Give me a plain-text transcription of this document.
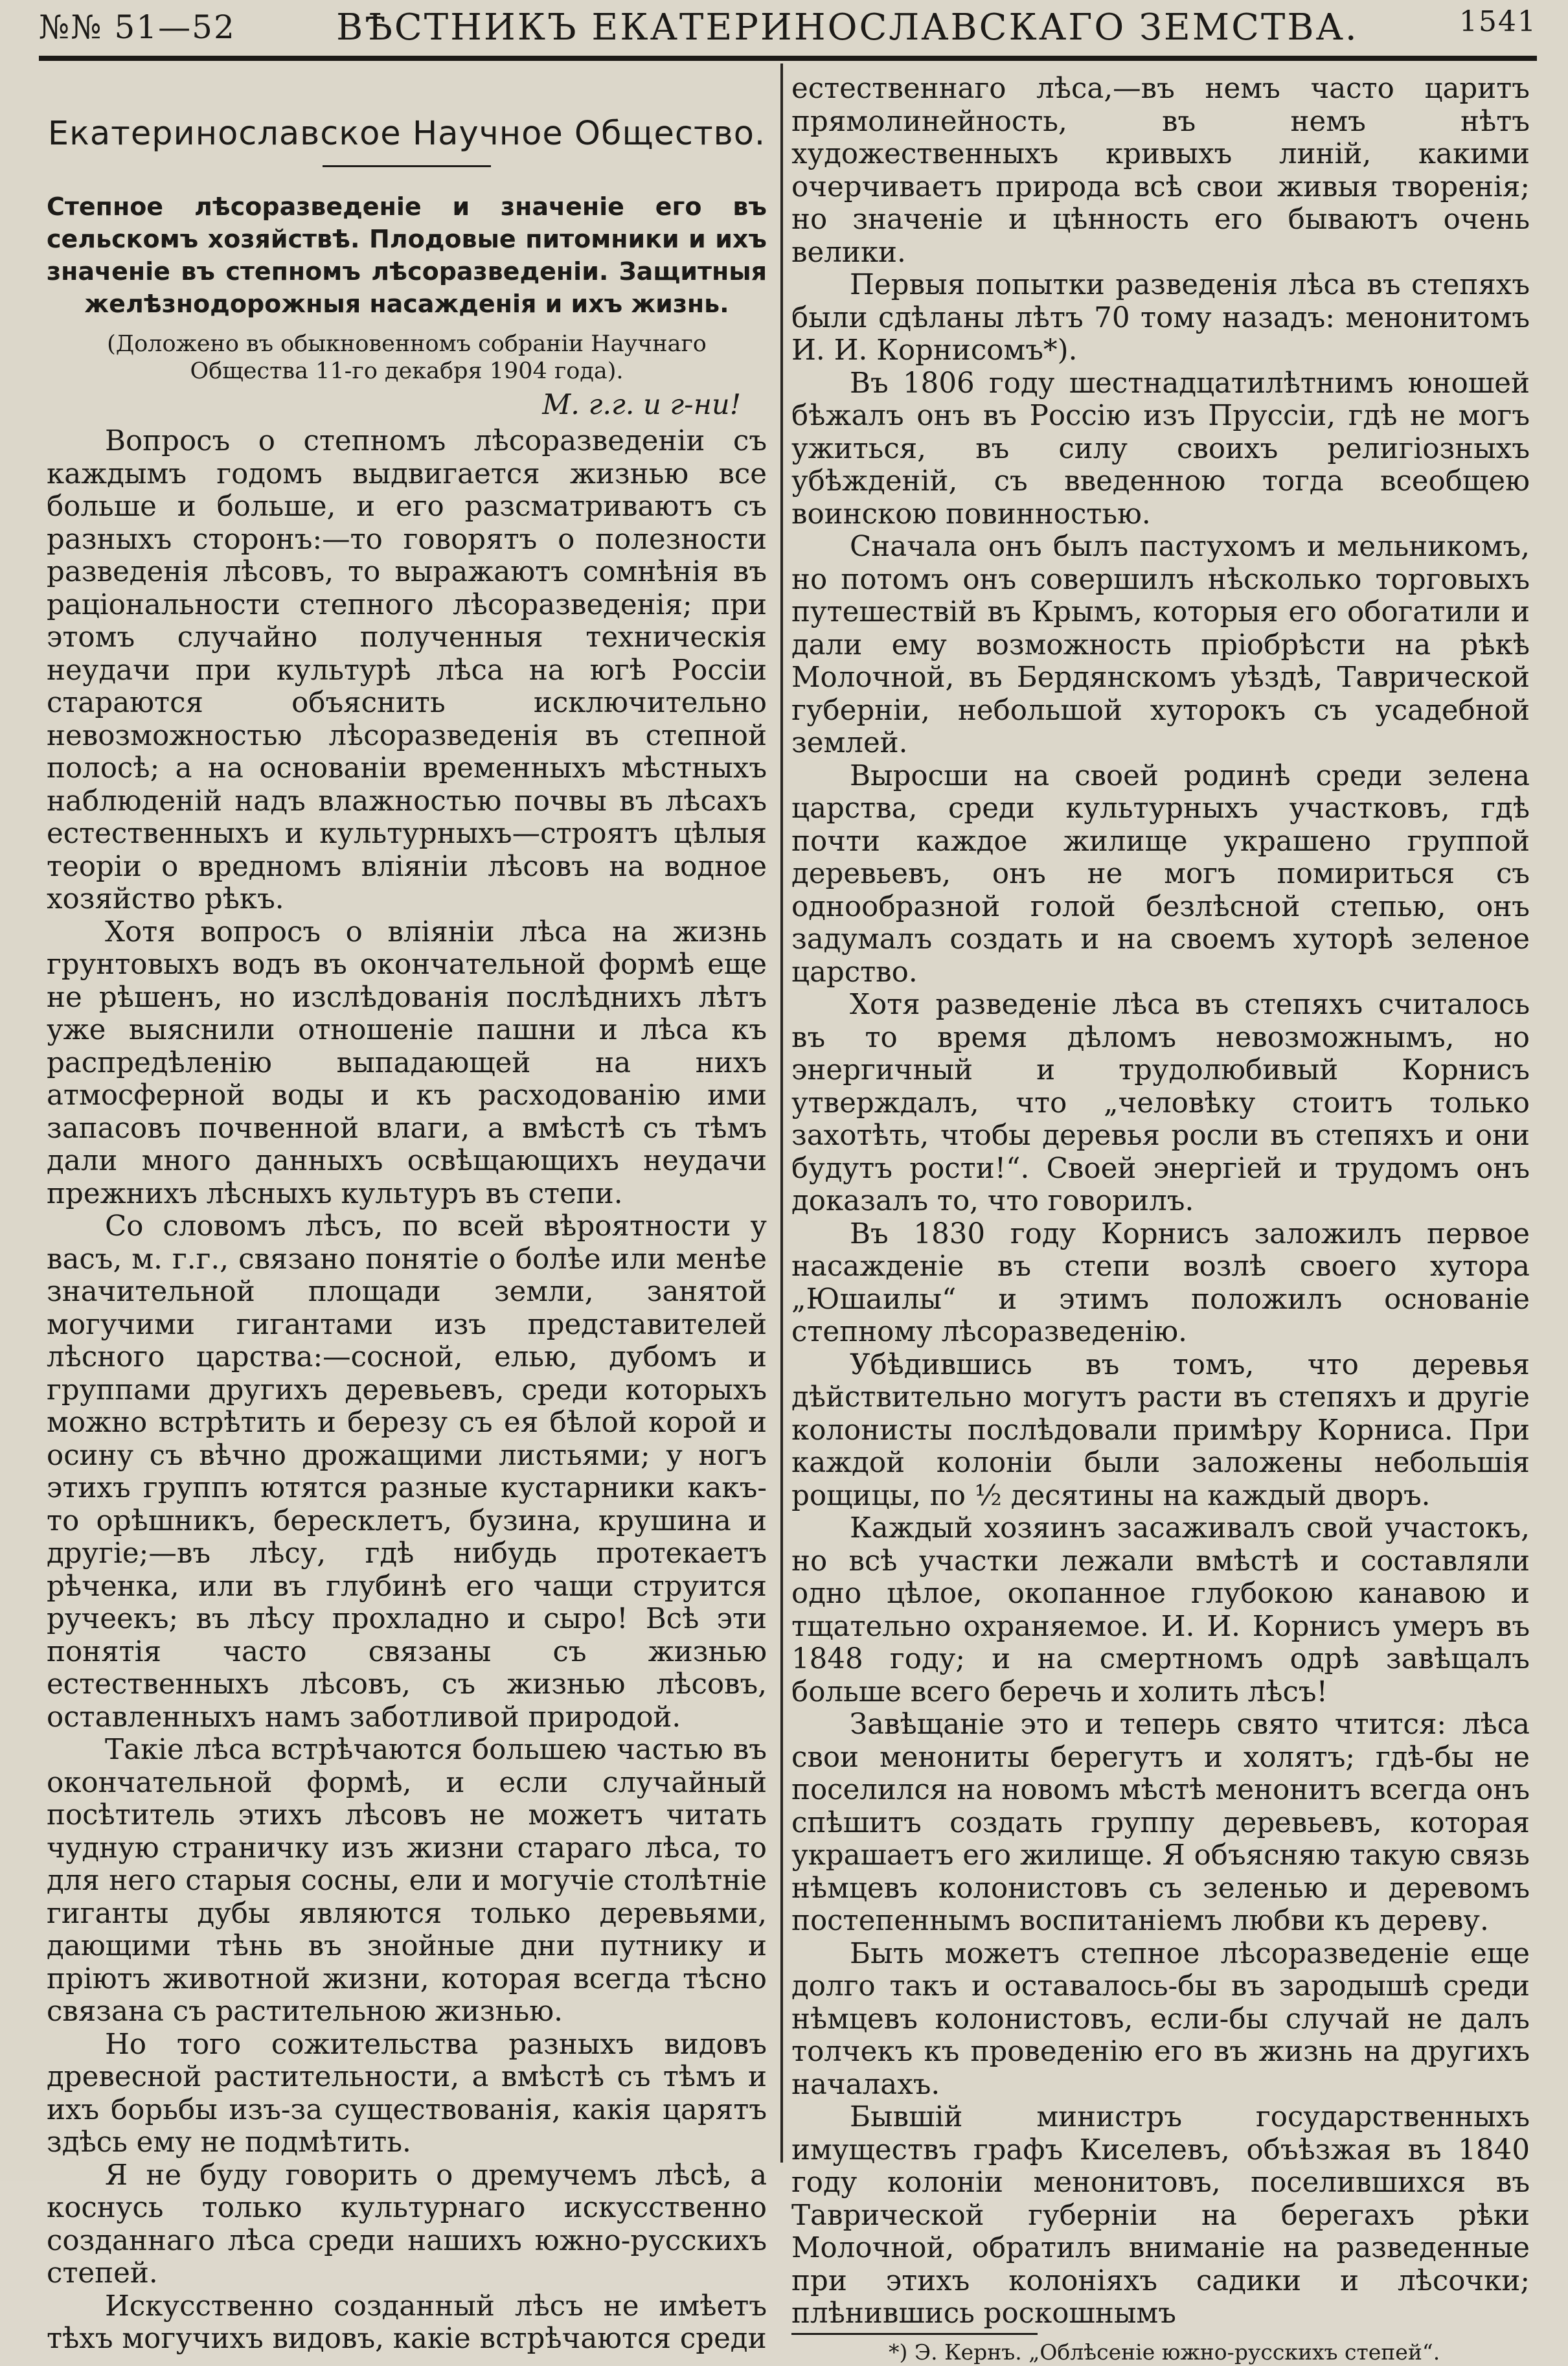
№№ 51—52	ВѢСТНИКЪ ЕКАТЕРИНОСЛАВСКАГО ЗЕМСТВА.	1541
Екатеринославское Научное Общество.
Степное лѣсоразведеніе и значеніе его въ сельскомъ хозяйствѣ. Плодовые питомники и ихъ значеніе въ степномъ лѣсоразведеніи. Защитныя желѣзнодорожныя насажденія и ихъ жизнь.
(Доложено въ обыкновенномъ собраніи Научнаго Общества 11-го декабря 1904 года).
М. г.г. и г-ни!

Вопросъ о степномъ лѣсоразведеніи съ каждымъ годомъ выдвигается жизнью все больше и больше, и его разсматриваютъ съ разныхъ сторонъ:—то говорятъ о полезности разведенія лѣсовъ, то выражаютъ сомнѣнія въ раціональности степного лѣсоразведенія; при этомъ случайно полученныя техническія неудачи при культурѣ лѣса на югѣ Россіи стараются объяснить исключительно невозможностью лѣсоразведенія въ степной полосѣ; а на основаніи временныхъ мѣстныхъ наблюденій надъ влажностью почвы въ лѣсахъ естественныхъ и культурныхъ—строятъ цѣлыя теоріи о вредномъ вліяніи лѣсовъ на водное хозяйство рѣкъ.

Хотя вопросъ о вліяніи лѣса на жизнь грунтовыхъ водъ въ окончательной формѣ еще не рѣшенъ, но изслѣдованія послѣднихъ лѣтъ уже выяснили отношеніе пашни и лѣса къ распредѣленію выпадающей на нихъ атмосферной воды и къ расходованію ими запасовъ почвенной влаги, а вмѣстѣ съ тѣмъ дали много данныхъ освѣщающихъ неудачи прежнихъ лѣсныхъ культуръ въ степи.

Со словомъ лѣсъ, по всей вѣроятности у васъ, м. г.г., связано понятіе о болѣе или менѣе значительной площади земли, занятой могучими гигантами изъ представителей лѣсного царства:—сосной, елью, дубомъ и группами другихъ деревьевъ, среди которыхъ можно встрѣтить и березу съ ея бѣлой корой и осину съ вѣчно дрожащими листьями; у ногъ этихъ группъ ютятся разные кустарники какъ-то орѣшникъ, бересклетъ, бузина, крушина и другіе;—въ лѣсу, гдѣ нибудь протекаетъ рѣченка, или въ глубинѣ его чащи струится ручеекъ; въ лѣсу прохладно и сыро! Всѣ эти понятія часто связаны съ жизнью естественныхъ лѣсовъ, съ жизнью лѣсовъ, оставленныхъ намъ заботливой природой.

Такіе лѣса встрѣчаются большею частью въ окончательной формѣ, и если случайный посѣтитель этихъ лѣсовъ не можетъ читать чудную страничку изъ жизни стараго лѣса, то для него старыя сосны, ели и могучіе столѣтніе гиганты дубы являются только деревьями, дающими тѣнь въ знойные дни путнику и пріютъ животной жизни, которая всегда тѣсно связана съ растительною жизнью.

Но того сожительства разныхъ видовъ древесной растительности, а вмѣстѣ съ тѣмъ и ихъ борьбы изъ-за существованія, какія царятъ здѣсь ему не подмѣтить.

Я не буду говорить о дремучемъ лѣсѣ, а коснусь только культурнаго искусственно созданнаго лѣса среди нашихъ южно-русскихъ степей.

Искусственно созданный лѣсъ не имѣетъ тѣхъ могучихъ видовъ, какіе встрѣчаются среди

естественнаго лѣса,—въ немъ часто царитъ прямолинейность, въ немъ нѣтъ художественныхъ кривыхъ линій, какими очерчиваетъ природа всѣ свои живыя творенія; но значеніе и цѣнность его бываютъ очень велики.

Первыя попытки разведенія лѣса въ степяхъ были сдѣланы лѣтъ 70 тому назадъ: менонитомъ И. И. Корнисомъ*).

Въ 1806 году шестнадцатилѣтнимъ юношей бѣжалъ онъ въ Россію изъ Пруссіи, гдѣ не могъ ужиться, въ силу своихъ религіозныхъ убѣжденій, съ введенною тогда всеобщею воинскою повинностью.

Сначала онъ былъ пастухомъ и мельникомъ, но потомъ онъ совершилъ нѣсколько торговыхъ путешествій въ Крымъ, которыя его обогатили и дали ему возможность пріобрѣсти на рѣкѣ Молочной, въ Бердянскомъ уѣздѣ, Таврической губерніи, небольшой хуторокъ съ усадебной землей.

Выросши на своей родинѣ среди зелена царства, среди культурныхъ участковъ, гдѣ почти каждое жилище украшено группой деревьевъ, онъ не могъ помириться съ однообразной голой безлѣсной степью, онъ задумалъ создать и на своемъ хуторѣ зеленое царство.

Хотя разведеніе лѣса въ степяхъ считалось въ то время дѣломъ невозможнымъ, но энергичный и трудолюбивый Корнисъ утверждалъ, что „человѣку стоитъ только захотѣть, чтобы деревья росли въ степяхъ и они будутъ рости!“. Своей энергіей и трудомъ онъ доказалъ то, что говорилъ.

Въ 1830 году Корнисъ заложилъ первое насажденіе въ степи возлѣ своего хутора „Юшаилы“ и этимъ положилъ основаніе степному лѣсоразведенію.

Убѣдившись въ томъ, что деревья дѣйствительно могутъ расти въ степяхъ и другіе колонисты послѣдовали примѣру Корниса. При каждой колоніи были заложены небольшія рощицы, по ½ десятины на каждый дворъ.

Каждый хозяинъ засаживалъ свой участокъ, но всѣ участки лежали вмѣстѣ и составляли одно цѣлое, окопанное глубокою канавою и тщательно охраняемое. И. И. Корнисъ умеръ въ 1848 году; и на смертномъ одрѣ завѣщалъ больше всего беречь и холить лѣсъ!

Завѣщаніе это и теперь свято чтится: лѣса свои менониты берегутъ и холятъ; гдѣ-бы не поселился на новомъ мѣстѣ менонитъ всегда онъ спѣшитъ создать группу деревьевъ, которая украшаетъ его жилище. Я объясняю такую связь нѣмцевъ колонистовъ съ зеленью и деревомъ постепеннымъ воспитаніемъ любви къ дереву.

Быть можетъ степное лѣсоразведеніе еще долго такъ и оставалось-бы въ зародышѣ среди нѣмцевъ колонистовъ, если-бы случай не далъ толчекъ къ проведенію его въ жизнь на другихъ началахъ.

Бывшій министръ государственныхъ имуществъ графъ Киселевъ, объѣзжая въ 1840 году колоніи менонитовъ, поселившихся въ Таврической губерніи на берегахъ рѣки Молочной, обратилъ вниманіе на разведенные при этихъ колоніяхъ садики и лѣсочки; плѣнившись роскошнымъ

*) Э. Кернъ. „Облѣсеніе южно-русскихъ степей“.
